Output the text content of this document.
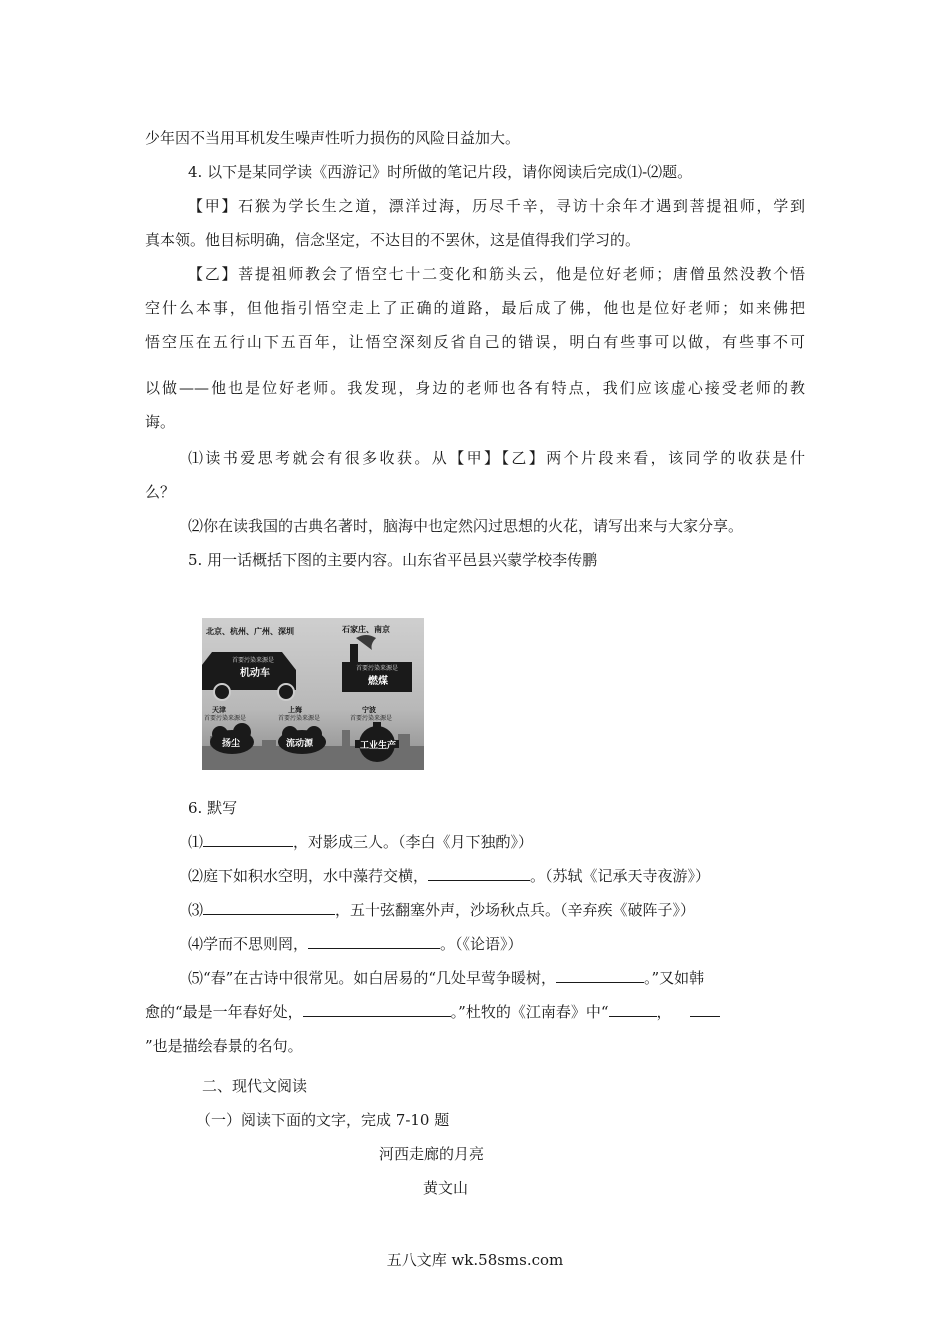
少年因不当用耳机发生噪声性听力损伤的风险日益加大。
4. 以下是某同学读《西游记》时所做的笔记片段，请你阅读后完成⑴-⑵题。
【甲】石猴为学长生之道，漂洋过海，历尽千辛，寻访十余年才遇到菩提祖师，学到
真本领。他目标明确，信念坚定，不达目的不罢休，这是值得我们学习的。
【乙】菩提祖师教会了悟空七十二变化和筋头云，他是位好老师；唐僧虽然没教个悟
空什么本事，但他指引悟空走上了正确的道路，最后成了佛，他也是位好老师；如来佛把
悟空压在五行山下五百年，让悟空深刻反省自己的错误，明白有些事可以做，有些事不可
以做——他也是位好老师。我发现，身边的老师也各有特点，我们应该虚心接受老师的教
诲。
⑴读书爱思考就会有很多收获。从【甲】【乙】两个片段来看，该同学的收获是什
么？
⑵你在读我国的古典名著时，脑海中也定然闪过思想的火花，请写出来与大家分享。
5. 用一话概括下图的主要内容。山东省平邑县兴蒙学校李传鹏
北京、杭州、广州、深圳
首要污染来源是
机动车
石家庄、南京
首要污染来源是
燃煤
天津
首要污染来源是
扬尘
上海
首要污染来源是
流动源
宁波
首要污染来源是
工业生产
6. 默写
⑴	，对影成三人。（李白《月下独酌》）
⑵庭下如积水空明，水中藻荇交横，	。（苏轼《记承天寺夜游》）
⑶	，五十弦翻塞外声，沙场秋点兵。（辛弃疾《破阵子》）
⑷学而不思则罔，	。（《论语》）
⑸“春”在古诗中很常见。如白居易的“几处早莺争暖树，	。”又如韩
愈的“最是一年春好处，	。”杜牧的《江南春》中“	，
”也是描绘春景的名句。
二、现代文阅读
（一）阅读下面的文字，完成 7-10 题
河西走廊的月亮
黄文山
五八文库 wk.58sms.com
